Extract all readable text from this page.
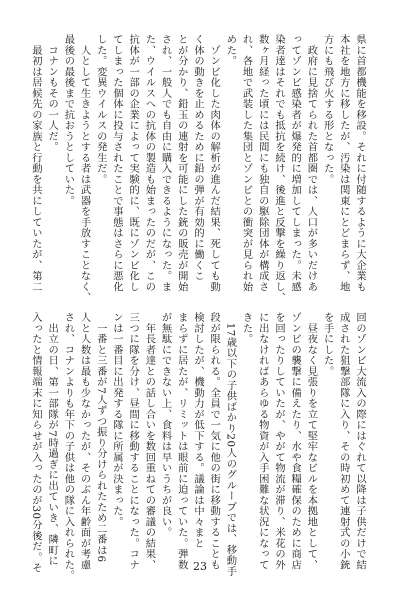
県に首都機能を移設。それに付随するように大企業も
本社を地方に移したが、汚染は関東にとどまらず、地
方にも飛び火する形となった。
　政府に見捨てられた首都圏では、人口が多いだけあ
ってゾンビ感染者が爆発的に増加してしまった。未感
染者達はそれでも抵抗を続け、後進と反撃を繰り返し、
数ヶ月経った頃には民間にも独自の駆除団体が構成さ
れ、各地で武装した集団とゾンビとの衝突が見られ始
めた。
　ゾンビ化した肉体の解析が進んだ結果、死しても動
く体の動きを止めるために鉛の弾が有効的に働くこ
とが分かり、鉛玉の連射を可能にした銃の販売が開始
され、一般人でも自由に購入できるようになった。ま
た、ウイルスへの抗体の製造も始まったのだが、この
抗体が一部の企業によって実験的に、既にゾンビ化し
てしまった個体に投与されたことで事態はさらに悪化
した。変異ウイルスの発生だ。
　人として生きようとする者は武器を手放すことなく、
最後の最後まで抗おうとしていた。
　コナンもその一人だ。
　最初は居候先の家族と行動を共にしていたが、第二
回のゾンビ大流入の際にはぐれて以降は子供だけで結
成された狙撃部隊に入り、その時初めて連射式の小銃
を手にした。
　昼夜なく見張りを立て堅牢なビルを本拠地として、
ゾンビの襲撃に備えたり、水や食糧確保のために商店
を回ったりしていたが、やがて物流が滞り、米花の外
に出なければあらゆる物資が入手困難な状況になって
きた。
　17歳以下の子供ばかり20人のグループでは、移動手
段が限られる。全員で一気に他の街に移動することも
検討したが、機動力が低下する。議論は中々まと
まらずに居たが、リミットは眼前に迫っていた。弾数
が無駄にできない上、食料は早いうちが良い。
　年長者達との話し合いを数回重ねての審議の結果、
三つに隊を分け、昼間に移動することになった。コナ
ンは一番目に出発する隊に所属が決まった。
　一番と三番が7人ずつ振り分けられたため二番は6
人と人数は最も少なかったが、そのぶん年齢面が考慮
され、コナンよりも年下の子供は他の隊に入れられた。
　出立の日、第一部隊が7時過ぎに出ていき、隣町に
入ったと情報端末に知らせが入ったのが30分後だ。そ	23
